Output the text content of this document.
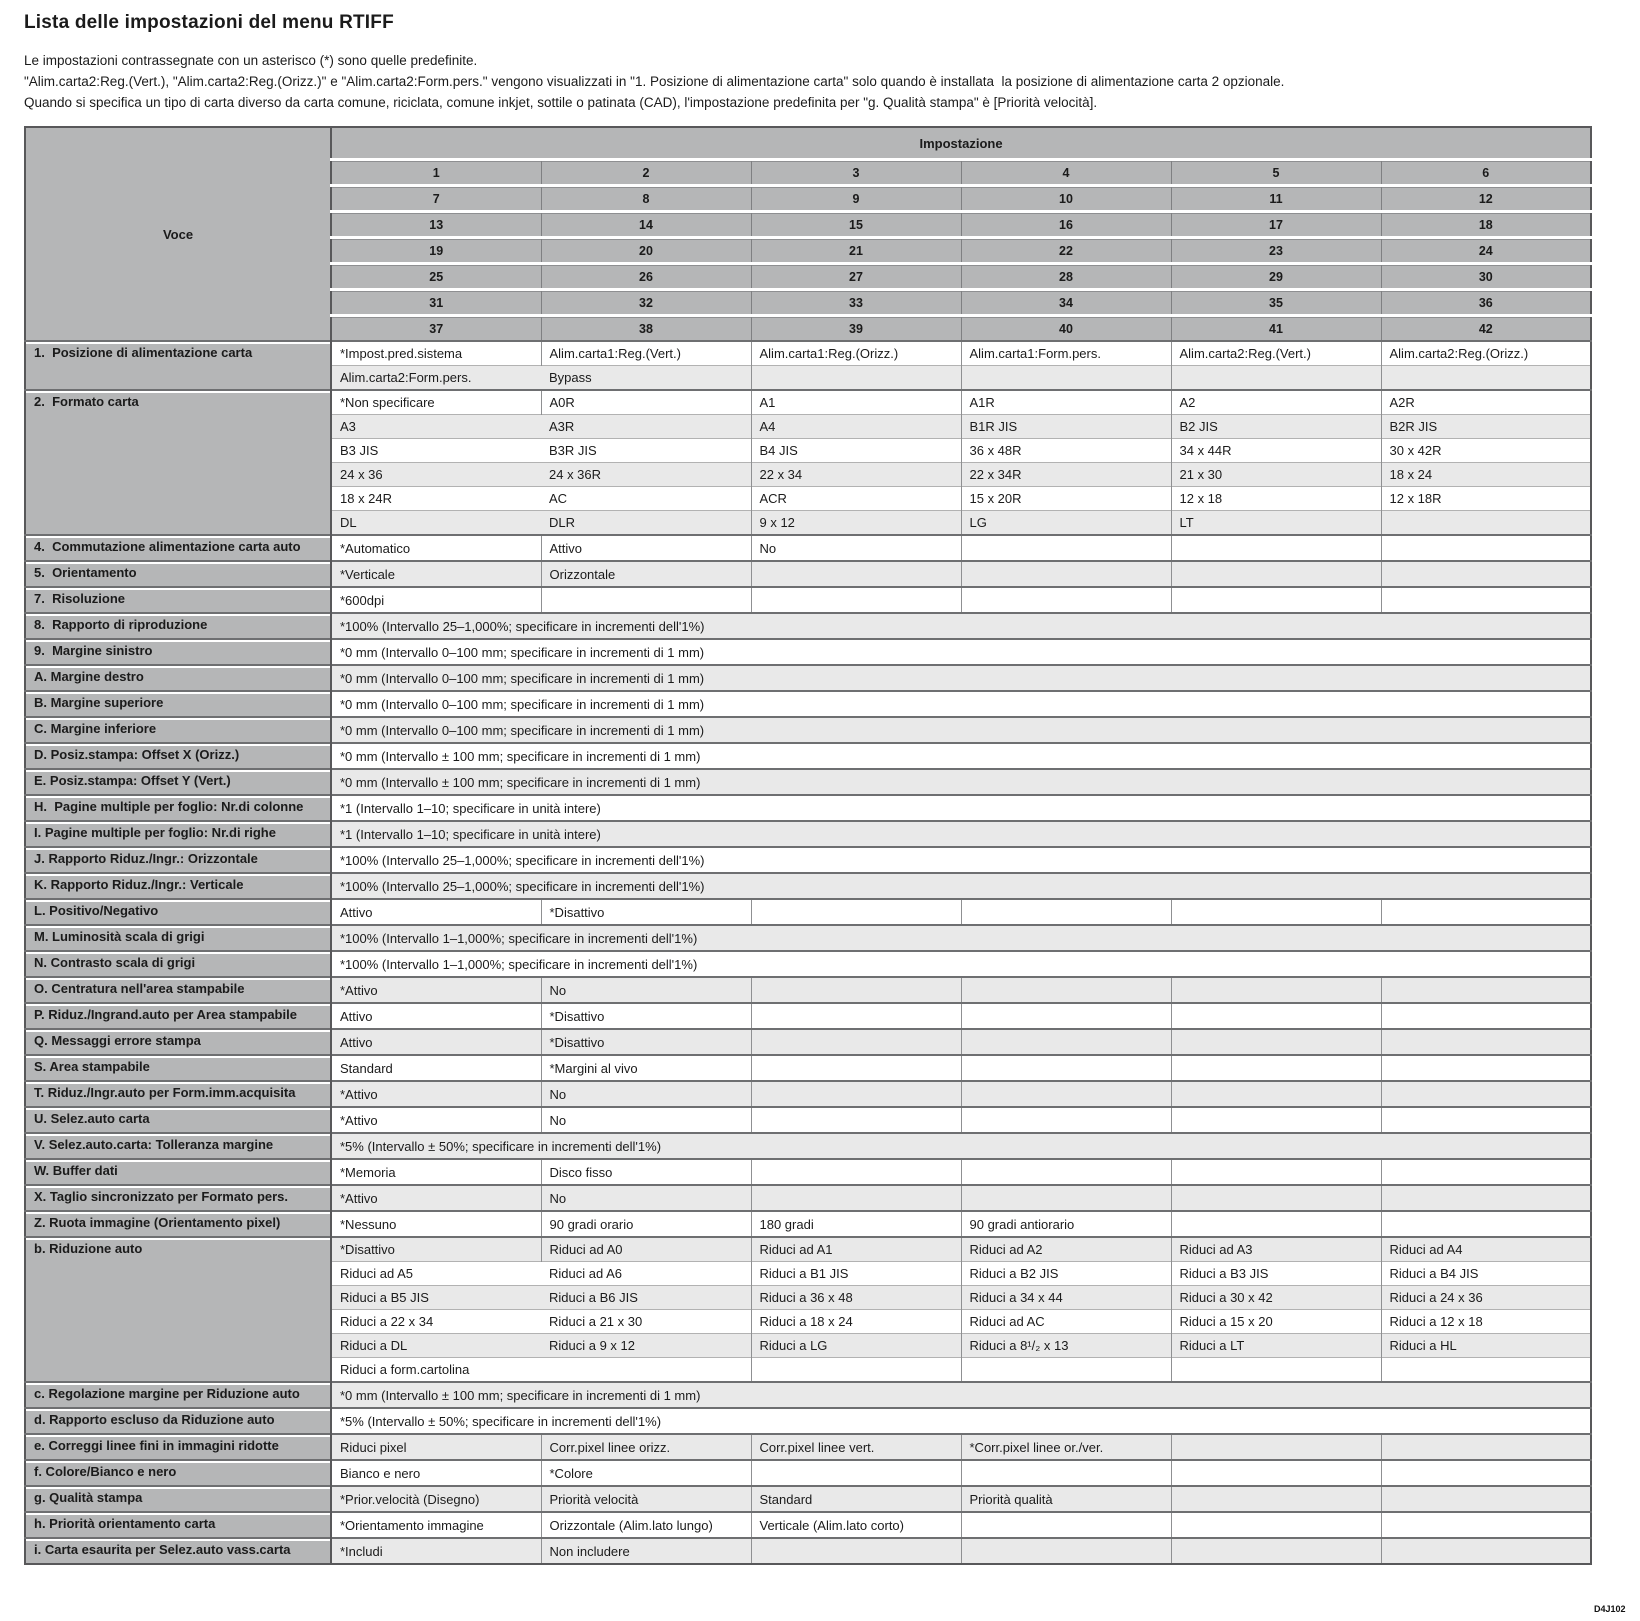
Lista delle impostazioni del menu RTIFF
Le impostazioni contrassegnate con un asterisco (*) sono quelle predefinite.
"Alim.carta2:Reg.(Vert.), "Alim.carta2:Reg.(Orizz.)" e "Alim.carta2:Form.pers." vengono visualizzati in "1. Posizione di alimentazione carta" solo quando è installata  la posizione di alimentazione carta 2 opzionale.
Quando si specifica un tipo di carta diverso da carta comune, riciclata, comune inkjet, sottile o patinata (CAD), l'impostazione predefinita per "g. Qualità stampa" è [Priorità velocità].
Voce	Impostazione					
	1	2	3	4	5	6
	7	8	9	10	11	12
	13	14	15	16	17	18
	19	20	21	22	23	24
	25	26	27	28	29	30
	31	32	33	34	35	36
	37	38	39	40	41	42
1.  Posizione di alimentazione carta	*Impost.pred.sistema	Alim.carta1:Reg.(Vert.)	Alim.carta1:Reg.(Orizz.)	Alim.carta1:Form.pers.	Alim.carta2:Reg.(Vert.)	Alim.carta2:Reg.(Orizz.)
	Alim.carta2:Form.pers.	Bypass				
2.  Formato carta	*Non specificare	A0R	A1	A1R	A2	A2R
	A3	A3R	A4	B1R JIS	B2 JIS	B2R JIS
	B3 JIS	B3R JIS	B4 JIS	36 x 48R	34 x 44R	30 x 42R
	24 x 36	24 x 36R	22 x 34	22 x 34R	21 x 30	18 x 24
	18 x 24R	AC	ACR	15 x 20R	12 x 18	12 x 18R
	DL	DLR	9 x 12	LG	LT	
4.  Commutazione alimentazione carta auto	*Automatico	Attivo	No			
5.  Orientamento	*Verticale	Orizzontale				
7.  Risoluzione	*600dpi					
8.  Rapporto di riproduzione	*100% (Intervallo 25–1,000%; specificare in incrementi dell'1%)					
9.  Margine sinistro	*0 mm (Intervallo 0–100 mm; specificare in incrementi di 1 mm)					
A. Margine destro	*0 mm (Intervallo 0–100 mm; specificare in incrementi di 1 mm)					
B. Margine superiore	*0 mm (Intervallo 0–100 mm; specificare in incrementi di 1 mm)					
C. Margine inferiore	*0 mm (Intervallo 0–100 mm; specificare in incrementi di 1 mm)					
D. Posiz.stampa: Offset X (Orizz.)	*0 mm (Intervallo ± 100 mm; specificare in incrementi di 1 mm)					
E. Posiz.stampa: Offset Y (Vert.)	*0 mm (Intervallo ± 100 mm; specificare in incrementi di 1 mm)					
H.  Pagine multiple per foglio: Nr.di colonne	*1 (Intervallo 1–10; specificare in unità intere)					
I. Pagine multiple per foglio: Nr.di righe	*1 (Intervallo 1–10; specificare in unità intere)					
J. Rapporto Riduz./Ingr.: Orizzontale	*100% (Intervallo 25–1,000%; specificare in incrementi dell'1%)					
K. Rapporto Riduz./Ingr.: Verticale	*100% (Intervallo 25–1,000%; specificare in incrementi dell'1%)					
L. Positivo/Negativo	Attivo	*Disattivo				
M. Luminosità scala di grigi	*100% (Intervallo 1–1,000%; specificare in incrementi dell'1%)					
N. Contrasto scala di grigi	*100% (Intervallo 1–1,000%; specificare in incrementi dell'1%)					
O. Centratura nell'area stampabile	*Attivo	No				
P. Riduz./Ingrand.auto per Area stampabile	Attivo	*Disattivo				
Q. Messaggi errore stampa	Attivo	*Disattivo				
S. Area stampabile	Standard	*Margini al vivo				
T. Riduz./Ingr.auto per Form.imm.acquisita	*Attivo	No				
U. Selez.auto carta	*Attivo	No				
V. Selez.auto.carta: Tolleranza margine	*5% (Intervallo ± 50%; specificare in incrementi dell'1%)					
W. Buffer dati	*Memoria	Disco fisso				
X. Taglio sincronizzato per Formato pers.	*Attivo	No				
Z. Ruota immagine (Orientamento pixel)	*Nessuno	90 gradi orario	180 gradi	90 gradi antiorario		
b. Riduzione auto	*Disattivo	Riduci ad A0	Riduci ad A1	Riduci ad A2	Riduci ad A3	Riduci ad A4
	Riduci ad A5	Riduci ad A6	Riduci a B1 JIS	Riduci a B2 JIS	Riduci a B3 JIS	Riduci a B4 JIS
	Riduci a B5 JIS	Riduci a B6 JIS	Riduci a 36 x 48	Riduci a 34 x 44	Riduci a 30 x 42	Riduci a 24 x 36
	Riduci a 22 x 34	Riduci a 21 x 30	Riduci a 18 x 24	Riduci ad AC	Riduci a 15 x 20	Riduci a 12 x 18
	Riduci a DL	Riduci a 9 x 12	Riduci a LG	Riduci a 8¹/₂ x 13	Riduci a LT	Riduci a HL
	Riduci a form.cartolina					
c. Regolazione margine per Riduzione auto	*0 mm (Intervallo ± 100 mm; specificare in incrementi di 1 mm)					
d. Rapporto escluso da Riduzione auto	*5% (Intervallo ± 50%; specificare in incrementi dell'1%)					
e. Correggi linee fini in immagini ridotte	Riduci pixel	Corr.pixel linee orizz.	Corr.pixel linee vert.	*Corr.pixel linee or./ver.		
f. Colore/Bianco e nero	Bianco e nero	*Colore				
g. Qualità stampa	*Prior.velocità (Disegno)	Priorità velocità	Standard	Priorità qualità		
h. Priorità orientamento carta	*Orientamento immagine	Orizzontale (Alim.lato lungo)	Verticale (Alim.lato corto)			
i. Carta esaurita per Selez.auto vass.carta	*Includi	Non includere				
D4J102
